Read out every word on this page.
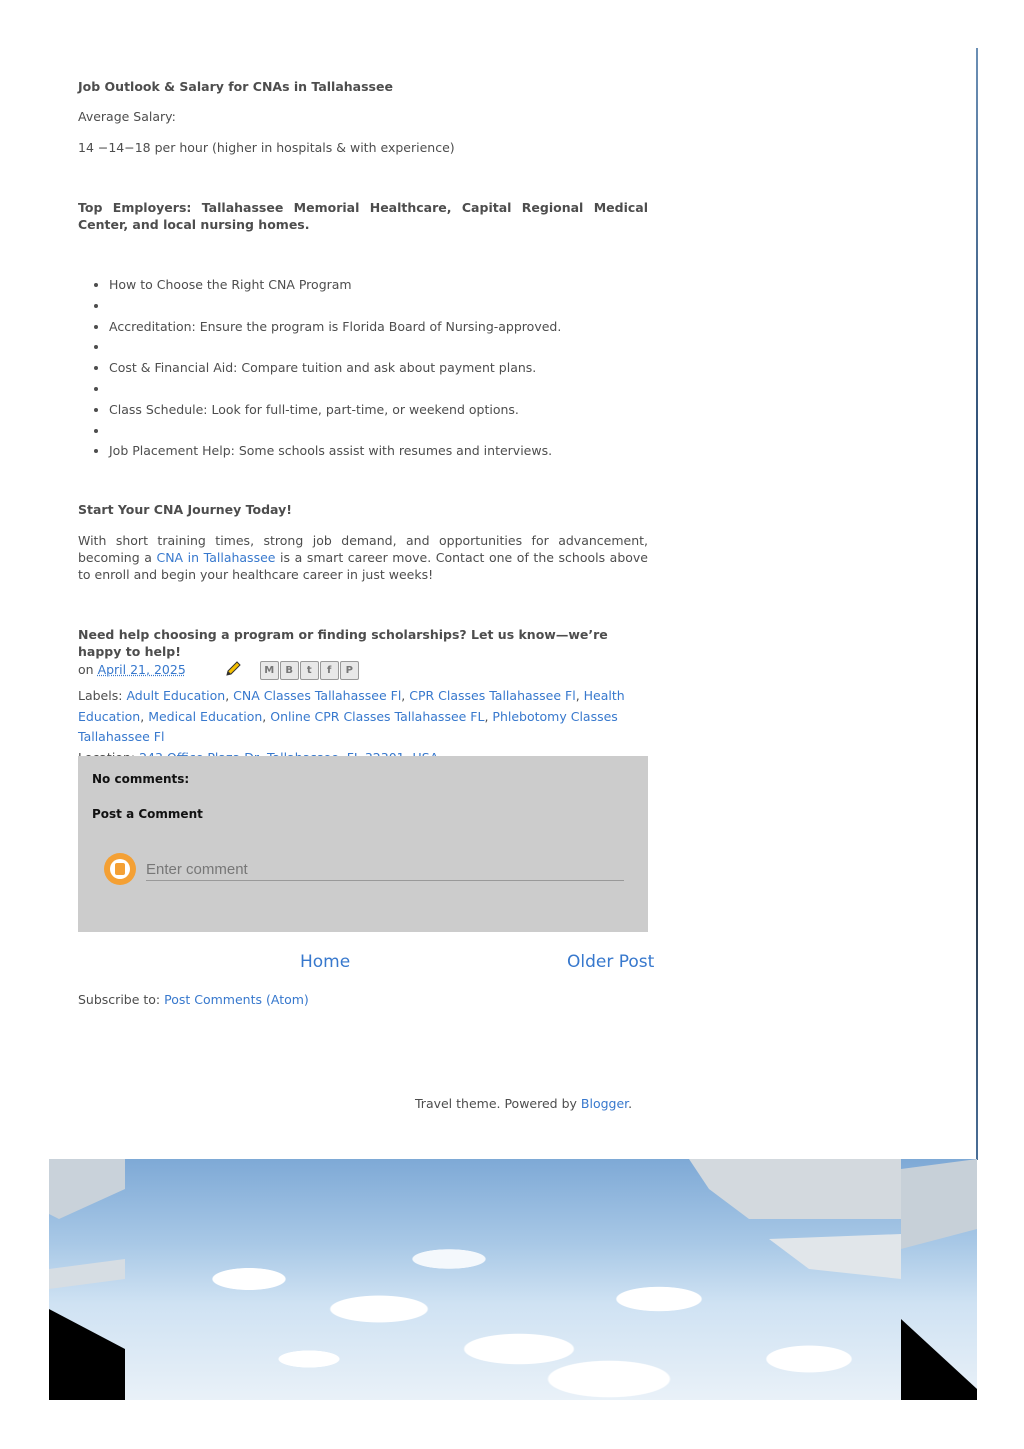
Job Outlook & Salary for CNAs in Tallahassee

Average Salary:

14 −14−18 per hour (higher in hospitals & with experience)

Top Employers: Tallahassee Memorial Healthcare, Capital Regional Medical Center, and local nursing homes.

• How to Choose the Right CNA Program
•
• Accreditation: Ensure the program is Florida Board of Nursing-approved.
•
• Cost & Financial Aid: Compare tuition and ask about payment plans.
•
• Class Schedule: Look for full-time, part-time, or weekend options.
•
• Job Placement Help: Some schools assist with resumes and interviews.

Start Your CNA Journey Today!

With short training times, strong job demand, and opportunities for advancement, becoming a CNA in Tallahassee is a smart career move. Contact one of the schools above to enroll and begin your healthcare career in just weeks!

Need help choosing a program or finding scholarships? Let us know—we’re happy to help!

on April 21, 2025	M	B	t	f	P
Labels: Adult Education, CNA Classes Tallahassee Fl, CPR Classes Tallahassee Fl, Health Education, Medical Education, Online CPR Classes Tallahassee FL, Phlebotomy Classes Tallahassee Fl

No comments:
Post a Comment
Enter comment
Home	Older Post
Subscribe to: Post Comments (Atom)
Travel theme. Powered by Blogger.
